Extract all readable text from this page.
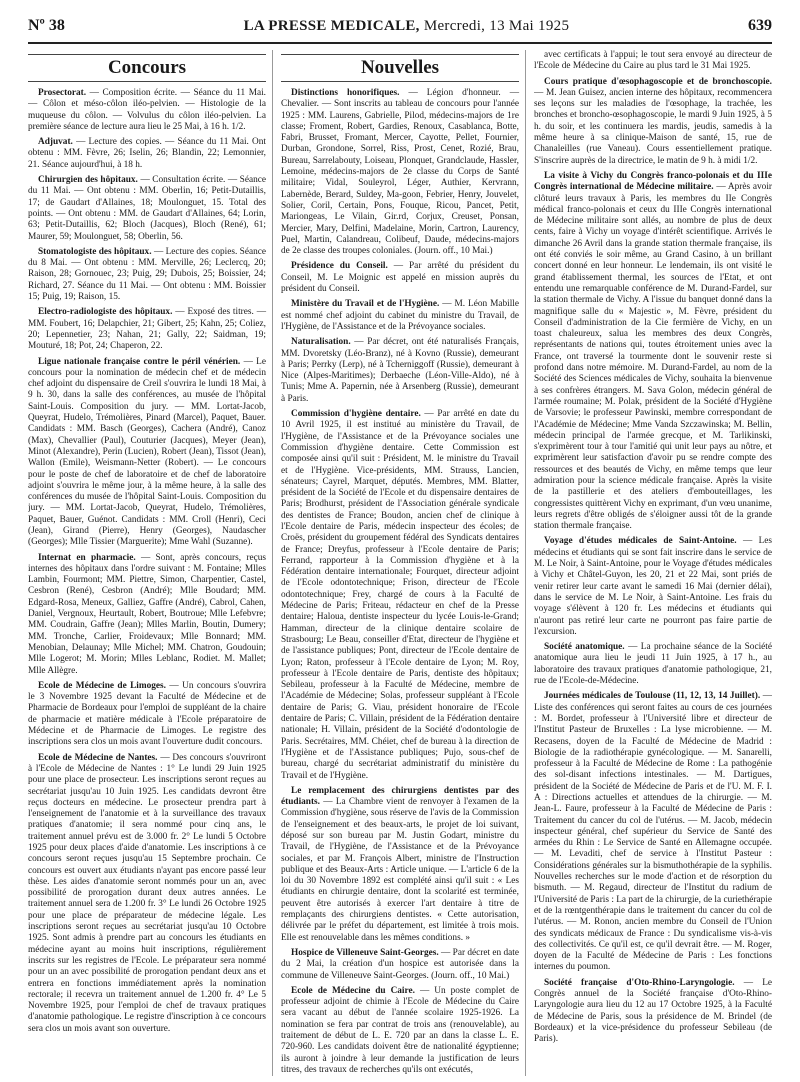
Nº 38	LA PRESSE MEDICALE, Mercredi, 13 Mai 1925	639
Concours

Prosectorat. — Composition écrite. — Séance du 11 Mai. — Côlon et méso-côlon iléo-pelvien. — Histologie de la muqueuse du côlon. — Volvulus du côlon iléo-pelvien. La première séance de lecture aura lieu le 25 Mai, à 16 h. 1/2.

Adjuvat. — Lecture des copies. — Séance du 11 Mai. Ont obtenu : MM. Fèvre, 26; Iselin, 26; Blandin, 22; Lemonnier, 21. Séance aujourd'hui, à 18 h.

Chirurgien des hôpitaux. — Consultation écrite. — Séance du 11 Mai. — Ont obtenu : MM. Oberlin, 16; Petit-Dutaillis, 17; de Gaudart d'Allaines, 18; Moulonguet, 15. Total des points. — Ont obtenu : MM. de Gaudart d'Allaines, 64; Lorin, 63; Petit-Dutaillis, 62; Bloch (Jacques), Bloch (René), 61; Maurer, 59; Moulonguet, 58; Oberlin, 56.

Stomatologiste des hôpitaux. — Lecture des copies. Séance du 8 Mai. — Ont obtenu : MM. Merville, 26; Leclercq, 20; Raison, 28; Gornouec, 23; Puig, 29; Dubois, 25; Boissier, 24; Richard, 27. Séance du 11 Mai. — Ont obtenu : MM. Boissier 15; Puig, 19; Raison, 15.

Electro-radiologiste des hôpitaux. — Exposé des titres. — MM. Foubert, 16; Delapchier, 21; Gibert, 25; Kahn, 25; Coliez, 20; Lepennetier, 23; Nahan, 21; Gally, 22; Saidman, 19; Mouturé, 18; Pot, 24; Chaperon, 22.

Ligue nationale française contre le péril vénérien. — Le concours pour la nomination de médecin chef et de médecin chef adjoint du dispensaire de Creil s'ouvrira le lundi 18 Mai, à 9 h. 30, dans la salle des conférences, au musée de l'hôpital Saint-Louis. Composition du jury. — MM. Lortat-Jacob, Queyrat, Hudelo, Trémolières, Pinard (Marcel), Paquet, Bauer. Candidats : MM. Basch (Georges), Cachera (André), Canoz (Max), Chevallier (Paul), Couturier (Jacques), Meyer (Jean), Minot (Alexandre), Perin (Lucien), Robert (Jean), Tissot (Jean), Wallon (Emile), Weismann-Netter (Robert). — Le concours pour le poste de chef de laboratoire et de chef de laboratoire adjoint s'ouvrira le même jour, à la même heure, à la salle des conférences du musée de l'hôpital Saint-Louis. Composition du jury. — MM. Lortat-Jacob, Queyrat, Hudelo, Trémolières, Paquet, Bauer, Guénot. Candidats : MM. Croll (Henri), Ceci (Jean), Girand (Pierre), Henry (Georges), Naudascher (Georges); Mlle Tissier (Marguerite); Mme Wahl (Suzanne).

Internat en pharmacie. — Sont, après concours, reçus internes des hôpitaux dans l'ordre suivant : M. Fontaine; Mlles Lambin, Fourmont; MM. Piettre, Simon, Charpentier, Castel, Cesbron (René), Cesbron (André); Mlle Boudard; MM. Edgard-Rosa, Meneux, Galliez, Gaffre (André), Cabrol, Cahen, Daniel, Vergnoux, Heurtault, Robert, Boutroue; Mlle Lefebvre; MM. Coudrain, Gaffre (Jean); Mlles Marlin, Boutin, Dumery; MM. Tronche, Carlier, Froidevaux; Mlle Bonnard; MM. Menobian, Delaunay; Mlle Michel; MM. Chatron, Goudouin; Mlle Logerot; M. Morin; Mlles Leblanc, Rodiet. M. Mallet; Mlle Allègre.

Ecole de Médecine de Limoges. — Un concours s'ouvrira le 3 Novembre 1925 devant la Faculté de Médecine et de Pharmacie de Bordeaux pour l'emploi de suppléant de la chaire de pharmacie et matière médicale à l'Ecole préparatoire de Médecine et de Pharmacie de Limoges. Le registre des inscriptions sera clos un mois avant l'ouverture dudit concours.

Ecole de Médecine de Nantes. — Des concours s'ouvriront à l'Ecole de Médecine de Nantes : 1° Le lundi 29 Juin 1925 pour une place de prosecteur. Les inscriptions seront reçues au secrétariat jusqu'au 10 Juin 1925. Les candidats devront être reçus docteurs en médecine. Le prosecteur prendra part à l'enseignement de l'anatomie et à la surveillance des travaux pratiques d'anatomie; il sera nommé pour cinq ans, le traitement annuel prévu est de 3.000 fr. 2° Le lundi 5 Octobre 1925 pour deux places d'aide d'anatomie. Les inscriptions à ce concours seront reçues jusqu'au 15 Septembre prochain. Ce concours est ouvert aux étudiants n'ayant pas encore passé leur thèse. Les aides d'anatomie seront nommés pour un an, avec possibilité de prorogation durant deux autres années. Le traitement annuel sera de 1.200 fr. 3° Le lundi 26 Octobre 1925 pour une place de préparateur de médecine légale. Les inscriptions seront reçues au secrétariat jusqu'au 10 Octobre 1925. Sont admis à prendre part au concours les étudiants en médecine ayant au moins huit inscriptions, régulièrement inscrits sur les registres de l'Ecole. Le préparateur sera nommé pour un an avec possibilité de prorogation pendant deux ans et entrera en fonctions immédiatement après la nomination rectorale; il recevra un traitement annuel de 1.200 fr. 4° Le 5 Novembre 1925, pour l'emploi de chef de travaux pratiques d'anatomie pathologique. Le registre d'inscription à ce concours sera clos un mois avant son ouverture.

Nouvelles

Distinctions honorifiques. — Légion d'honneur. — Chevalier. — Sont inscrits au tableau de concours pour l'année 1925 : MM. Laurens, Gabrielle, Pilod, médecins-majors de 1re classe; Froment, Robert, Gardies, Renoux, Casablanca, Botte, Fabri, Brusset, Fromant, Mercer, Cayotte, Pellet, Fournier, Durban, Grondone, Sorrel, Riss, Prost, Cenet, Rozié, Brau, Bureau, Sarrelabouty, Loiseau, Plonquet, Grandclaude, Hassler, Lemoine, médecins-majors de 2e classe du Corps de Santé militaire; Vidal, Souleyrol, Léger, Authier, Kervrann, Labernède, Berard, Suldey, Ma-goon, Febrier, Henry, Jouvelet, Solier, Coril, Certain, Pons, Fouque, Ricou, Pancet, Petit, Mariongeas, Le Vilain, Gir.rd, Corjux, Creuset, Ponsan, Mercier, Mary, Delfini, Madelaine, Morin, Cartron, Laurency, Puel, Martin, Calandreau, Colibeuf, Daude, médecins-majors de 2e classe des troupes coloniales. (Journ. off., 10 Mai.)

Présidence du Conseil. — Par arrêté du président du Conseil, M. Le Moignic est appelé en mission auprès du président du Conseil.

Ministère du Travail et de l'Hygiène. — M. Léon Mabille est nommé chef adjoint du cabinet du ministre du Travail, de l'Hygiène, de l'Assistance et de la Prévoyance sociales.

Naturalisation. — Par décret, ont été naturalisés Français, MM. Dvoretsky (Léo-Branz), né à Kovno (Russie), demeurant à Paris; Perrky (Lerp), né à Tcherniggoff (Russie), demeurant à Nice (Alpes-Maritimes); Derbaeche (Léon-Ville-Aldo), né à Tunis; Mme A. Papernin, née à Arsenberg (Russie), demeurant à Paris.

Commission d'hygiène dentaire. — Par arrêté en date du 10 Avril 1925, il est institué au ministère du Travail, de l'Hygiène, de l'Assistance et de la Prévoyance sociales une Commission d'hygiène dentaire. Cette Commission est composée ainsi qu'il suit : Président, M. le ministre du Travail et de l'Hygiène. Vice-présidents, MM. Strauss, Lancien, sénateurs; Cayrel, Marquet, députés. Membres, MM. Blatter, président de la Société de l'Ecole et du dispensaire dentaires de Paris; Brodhurst, président de l'Association générale syndicale des dentistes de France; Boudon, ancien chef de clinique à l'Ecole dentaire de Paris, médecin inspecteur des écoles; de Croës, président du groupement fédéral des Syndicats dentaires de France; Dreyfus, professeur à l'Ecole dentaire de Paris; Ferrand, rapporteur à la Commission d'hygiène et à la Fédération dentaire internationale; Fourquet, directeur adjoint de l'Ecole odontotechnique; Frison, directeur de l'Ecole odontotechnique; Frey, chargé de cours à la Faculté de Médecine de Paris; Friteau, rédacteur en chef de la Presse dentaire; Haloua, dentiste inspecteur du lycée Louis-le-Grand; Hamman, directeur de la clinique dentaire scolaire de Strasbourg; Le Beau, conseiller d'Etat, directeur de l'hygiène et de l'assistance publiques; Pont, directeur de l'Ecole dentaire de Lyon; Raton, professeur à l'Ecole dentaire de Lyon; M. Roy, professeur à l'Ecole dentaire de Paris, dentiste des hôpitaux; Sebileau, professeur à la Faculté de Médecine, membre de l'Académie de Médecine; Solas, professeur suppléant à l'Ecole dentaire de Paris; G. Viau, président honoraire de l'Ecole dentaire de Paris; C. Villain, président de la Fédération dentaire nationale; H. Villain, président de la Société d'odontologie de Paris. Secrétaires, MM. Chéiet, chef de bureau à la direction de l'Hygiène et de l'Assistance publiques; Pujo, sous-chef de bureau, chargé du secrétariat administratif du ministère du Travail et de l'Hygiène.

Le remplacement des chirurgiens dentistes par des étudiants. — La Chambre vient de renvoyer à l'examen de la Commission d'hygiène, sous réserve de l'avis de la Commission de l'enseignement et des beaux-arts, le projet de loi suivant, déposé sur son bureau par M. Justin Godart, ministre du Travail, de l'Hygiène, de l'Assistance et de la Prévoyance sociales, et par M. François Albert, ministre de l'Instruction publique et des Beaux-Arts : Article unique. — L'article 6 de la loi du 30 Novembre 1892 est complété ainsi qu'il suit : « Les étudiants en chirurgie dentaire, dont la scolarité est terminée, peuvent être autorisés à exercer l'art dentaire à titre de remplaçants des chirurgiens dentistes. « Cette autorisation, délivrée par le préfet du département, est limitée à trois mois. Elle est renouvelable dans les mêmes conditions. »

Hospice de Villeneuve Saint-Georges. — Par décret en date du 2 Mai, la création d'un hospice est autorisée dans la commune de Villeneuve Saint-Georges. (Journ. off., 10 Mai.)

Ecole de Médecine du Caire. — Un poste complet de professeur adjoint de chimie à l'Ecole de Médecine du Caire sera vacant au début de l'année scolaire 1925-1926. La nomination se fera par contrat de trois ans (renouvelable), au traitement de début de L. E. 720 par an dans la classe L. E. 720-960. Les candidats doivent être de nationalité égyptienne; ils auront à joindre à leur demande la justification de leurs titres, des travaux de recherches qu'ils ont exécutés,

avec certificats à l'appui; le tout sera envoyé au directeur de l'Ecole de Médecine du Caire au plus tard le 31 Mai 1925.

Cours pratique d'œsophagoscopie et de bronchoscopie. — M. Jean Guisez, ancien interne des hôpitaux, recommencera ses leçons sur les maladies de l'œsophage, la trachée, les bronches et broncho-œsophagoscopie, le mardi 9 Juin 1925, à 5 h. du soir, et les continuera les mardis, jeudis, samedis à la même heure à sa clinique-Maison de santé, 15, rue de Chanaleilles (rue Vaneau). Cours essentiellement pratique. S'inscrire auprès de la directrice, le matin de 9 h. à midi 1/2.

La visite à Vichy du Congrès franco-polonais et du IIIe Congrès international de Médecine militaire. — Après avoir clôturé leurs travaux à Paris, les membres du IIe Congrès médical franco-polonais et ceux du IIIe Congrès international de Médecine militaire sont allés, au nombre de plus de deux cents, faire à Vichy un voyage d'intérêt scientifique. Arrivés le dimanche 26 Avril dans la grande station thermale française, ils ont été conviés le soir même, au Grand Casino, à un brillant concert donné en leur honneur. Le lendemain, ils ont visité le grand établissement thermal, les sources de l'Etat, et ont entendu une remarquable conférence de M. Durand-Fardel, sur la station thermale de Vichy. A l'issue du banquet donné dans la magnifique salle du « Majestic », M. Fèvre, président du Conseil d'administration de la Cie fermière de Vichy, en un toast chaleureux, salua les membres des deux Congrès, représentants de nations qui, toutes étroitement unies avec la France, ont traversé la tourmente dont le souvenir reste si profond dans notre mémoire. M. Durand-Fardel, au nom de la Société des Sciences médicales de Vichy, souhaita la bienvenue à ses confrères étrangers. M. Sava Golon, médecin général de l'armée roumaine; M. Polak, président de la Société d'Hygiène de Varsovie; le professeur Pawinski, membre correspondant de l'Académie de Médecine; Mme Vanda Szczawinska; M. Bellin, médecin principal de l'armée grecque, et M. Tarlikinski, s'exprimèrent tour à tour l'amitié qui unit leur pays au nôtre, et exprimèrent leur satisfaction d'avoir pu se rendre compte des ressources et des beautés de Vichy, en même temps que leur admiration pour la science médicale française. Après la visite de la pastillerie et des ateliers d'embouteillages, les congressistes quittèrent Vichy en exprimant, d'un vœu unanime, leurs regrets d'être obligés de s'éloigner aussi tôt de la grande station thermale française.

Voyage d'études médicales de Saint-Antoine. — Les médecins et étudiants qui se sont fait inscrire dans le service de M. Le Noir, à Saint-Antoine, pour le Voyage d'études médicales à Vichy et Châtel-Guyon, les 20, 21 et 22 Mai, sont priés de venir retirer leur carte avant le samedi 16 Mai (dernier délai), dans le service de M. Le Noir, à Saint-Antoine. Les frais du voyage s'élèvent à 120 fr. Les médecins et étudiants qui n'auront pas retiré leur carte ne pourront pas faire partie de l'excursion.

Société anatomique. — La prochaine séance de la Société anatomique aura lieu le jeudi 11 Juin 1925, à 17 h., au laboratoire des travaux pratiques d'anatomie pathologique, 21, rue de l'Ecole-de-Médecine.

Journées médicales de Toulouse (11, 12, 13, 14 Juillet). — Liste des conférences qui seront faites au cours de ces journées : M. Bordet, professeur à l'Université libre et directeur de l'Institut Pasteur de Bruxelles : La lyse microbienne. — M. Recasens, doyen de la Faculté de Médecine de Madrid : Biologie de la radiothérapie gynécologique. — M. Sanarelli, professeur à la Faculté de Médecine de Rome : La pathogénie des sol-disant infections intestinales. — M. Dartigues, président de la Société de Médecine de Paris et de l'U. M. F. I. A : Directions actuelles et attendues de la chirurgie. — M. Jean-L. Faure, professeur à la Faculté de Médecine de Paris : Traitement du cancer du col de l'utérus. — M. Jacob, médecin inspecteur général, chef supérieur du Service de Santé des armées du Rhin : Le Service de Santé en Allemagne occupée. — M. Levaditi, chef de service à l'Institut Pasteur : Considérations générales sur la bismuthothérapie de la syphilis. Nouvelles recherches sur le mode d'action et de résorption du bismuth. — M. Regaud, directeur de l'Institut du radium de l'Université de Paris : La part de la chirurgie, de la curiethérapie et de la rœntgenthérapie dans le traitement du cancer du col de l'utérus. — M. Ronon, ancien membre du Conseil de l'Union des syndicats médicaux de France : Du syndicalisme vis-à-vis des collectivités. Ce qu'il est, ce qu'il devrait être. — M. Roger, doyen de la Faculté de Médecine de Paris : Les fonctions internes du poumon.

Société française d'Oto-Rhino-Laryngologie. — Le Congrès annuel de la Société française d'Oto-Rhino-Laryngologie aura lieu du 12 au 17 Octobre 1925, à la Faculté de Médecine de Paris, sous la présidence de M. Brindel (de Bordeaux) et la vice-présidence du professeur Sebileau (de Paris).
